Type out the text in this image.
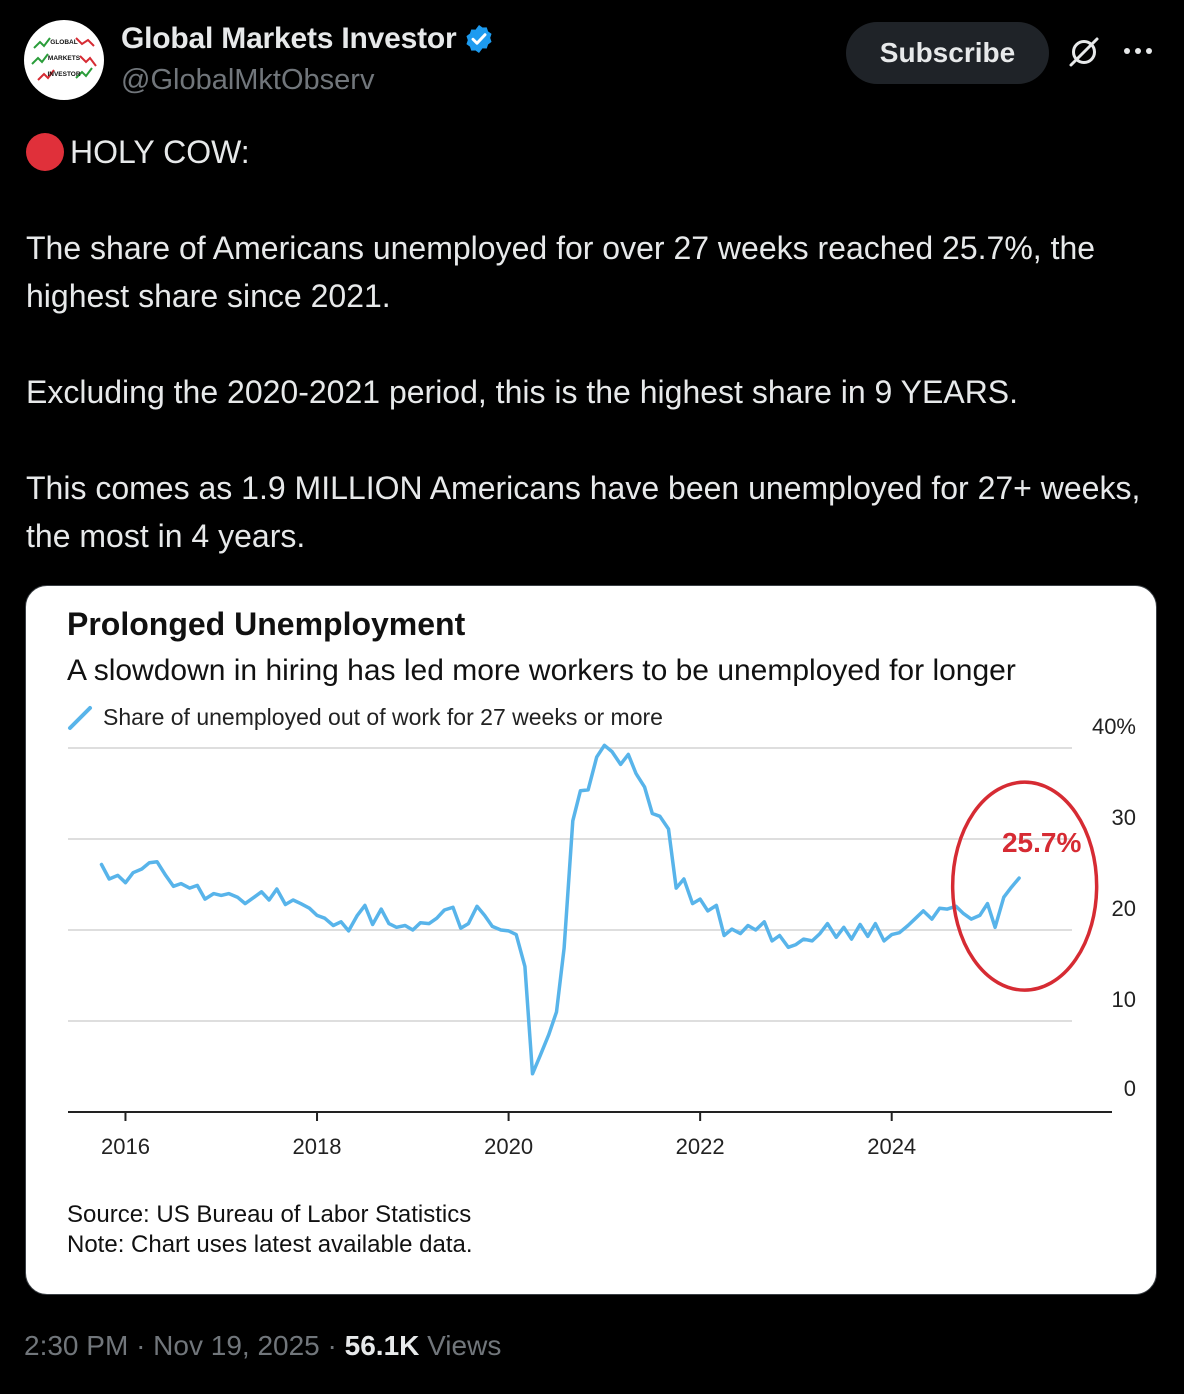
GLOBAL
MARKETS
INVESTOR
Global Markets Investor
@GlobalMktObserv
Subscribe

HOLY COW:

The share of Americans unemployed for over 27 weeks reached 25.7%, the highest share since 2021.

Excluding the 2020-2021 period, this is the highest share in 9 YEARS.

This comes as 1.9 MILLION Americans have been unemployed for 27+ weeks, the most in 4 years.

0
10
20
30
40%
2016	2018	2020	2022	2024
25.7%
Prolonged Unemployment
A slowdown in hiring has led more workers to be unemployed for longer
Share of unemployed out of work for 27 weeks or more
Source: US Bureau of Labor Statistics
Note: Chart uses latest available data.
2:30 PM · Nov 19, 2025 · 56.1K Views
